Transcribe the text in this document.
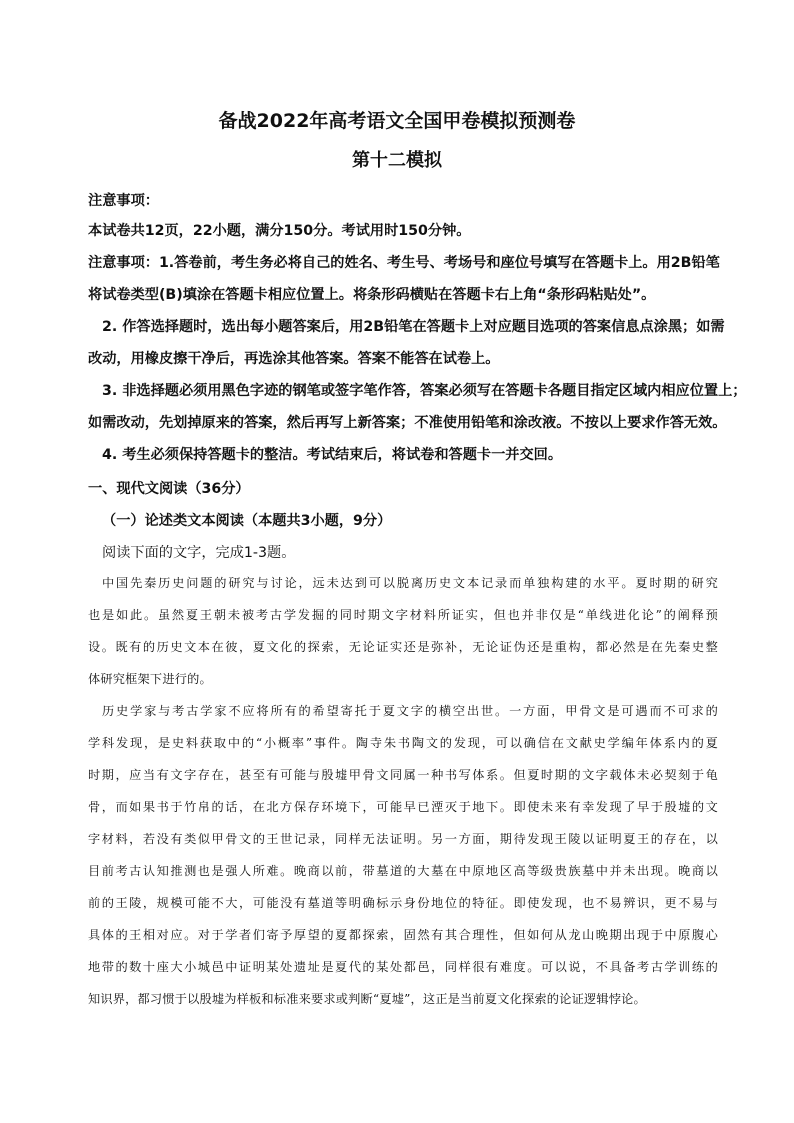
备战2022年高考语文全国甲卷模拟预测卷
第十二模拟
注意事项：
本试卷共12页，22小题，满分150分。考试用时150分钟。
注意事项：1.答卷前，考生务必将自己的姓名、考生号、考场号和座位号填写在答题卡上。用2B铅笔
将试卷类型(B)填涂在答题卡相应位置上。将条形码横贴在答题卡右上角“条形码粘贴处”。
2. 作答选择题时，选出每小题答案后，用2B铅笔在答题卡上对应题目选项的答案信息点涂黑；如需
改动，用橡皮擦干净后，再选涂其他答案。答案不能答在试卷上。
3. 非选择题必须用黑色字迹的钢笔或签字笔作答，答案必须写在答题卡各题目指定区域内相应位置上；
如需改动，先划掉原来的答案，然后再写上新答案；不准使用铅笔和涂改液。不按以上要求作答无效。
4. 考生必须保持答题卡的整洁。考试结束后，将试卷和答题卡一并交回。
一、现代文阅读（36分）
（一）论述类文本阅读（本题共3小题，9分）
阅读下面的文字，完成1-3题。
中国先秦历史问题的研究与讨论，远未达到可以脱离历史文本记录而单独构建的水平。夏时期的研究
也是如此。虽然夏王朝未被考古学发掘的同时期文字材料所证实，但也并非仅是“单线进化论”的阐释预
设。既有的历史文本在彼，夏文化的探索，无论证实还是弥补，无论证伪还是重构，都必然是在先秦史整
体研究框架下进行的。
历史学家与考古学家不应将所有的希望寄托于夏文字的横空出世。一方面，甲骨文是可遇而不可求的
学科发现，是史料获取中的“小概率”事件。陶寺朱书陶文的发现，可以确信在文献史学编年体系内的夏
时期，应当有文字存在，甚至有可能与殷墟甲骨文同属一种书写体系。但夏时期的文字载体未必契刻于龟
骨，而如果书于竹帛的话，在北方保存环境下，可能早已湮灭于地下。即使未来有幸发现了早于殷墟的文
字材料，若没有类似甲骨文的王世记录，同样无法证明。另一方面，期待发现王陵以证明夏王的存在，以
目前考古认知推测也是强人所难。晚商以前，带墓道的大墓在中原地区高等级贵族墓中并未出现。晚商以
前的王陵，规模可能不大，可能没有墓道等明确标示身份地位的特征。即使发现，也不易辨识，更不易与
具体的王相对应。对于学者们寄予厚望的夏都探索，固然有其合理性，但如何从龙山晚期出现于中原腹心
地带的数十座大小城邑中证明某处遗址是夏代的某处都邑，同样很有难度。可以说，不具备考古学训练的
知识界，都习惯于以殷墟为样板和标准来要求或判断“夏墟”，这正是当前夏文化探索的论证逻辑悖论。
